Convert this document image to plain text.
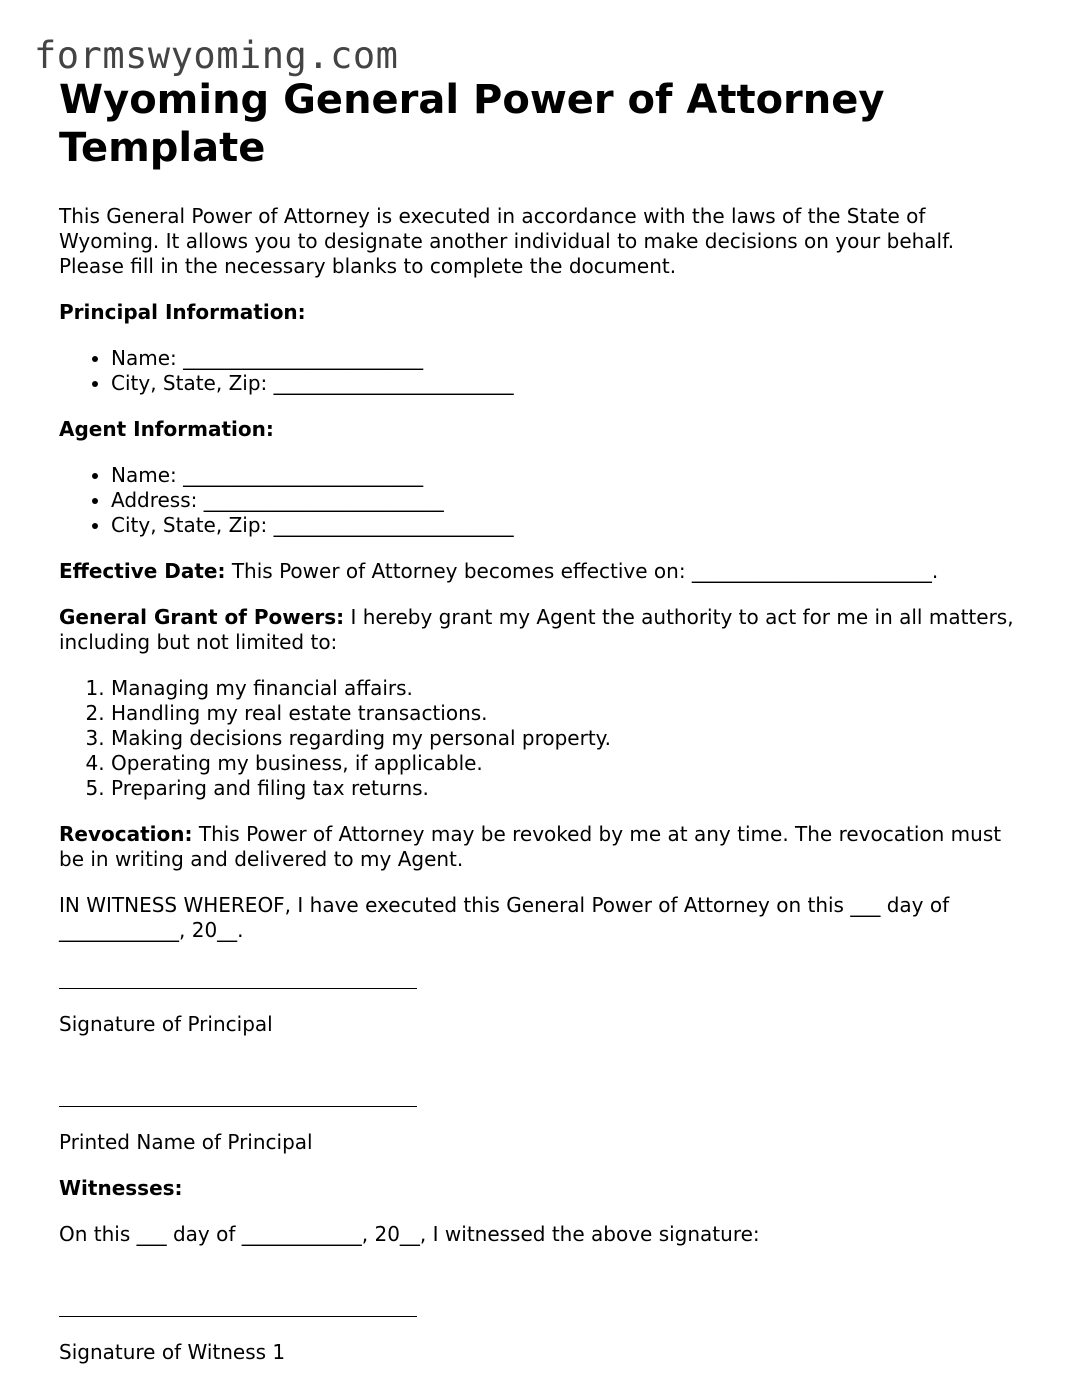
formswyoming.com
Wyoming General Power of Attorney Template

This General Power of Attorney is executed in accordance with the laws of the State of Wyoming. It allows you to designate another individual to make decisions on your behalf. Please fill in the necessary blanks to complete the document.

Principal Information:

• Name: ________________________
• City, State, Zip: ________________________

Agent Information:

• Name: ________________________
• Address: ________________________
• City, State, Zip: ________________________

Effective Date: This Power of Attorney becomes effective on: ________________________.

General Grant of Powers: I hereby grant my Agent the authority to act for me in all matters, including but not limited to:

1. Managing my financial affairs.
2. Handling my real estate transactions.
3. Making decisions regarding my personal property.
4. Operating my business, if applicable.
5. Preparing and filing tax returns.

Revocation: This Power of Attorney may be revoked by me at any time. The revocation must be in writing and delivered to my Agent.

IN WITNESS WHEREOF, I have executed this General Power of Attorney on this ___ day of ____________, 20__.

Signature of Principal

Printed Name of Principal

Witnesses:

On this ___ day of ____________, 20__, I witnessed the above signature:

Signature of Witness 1
